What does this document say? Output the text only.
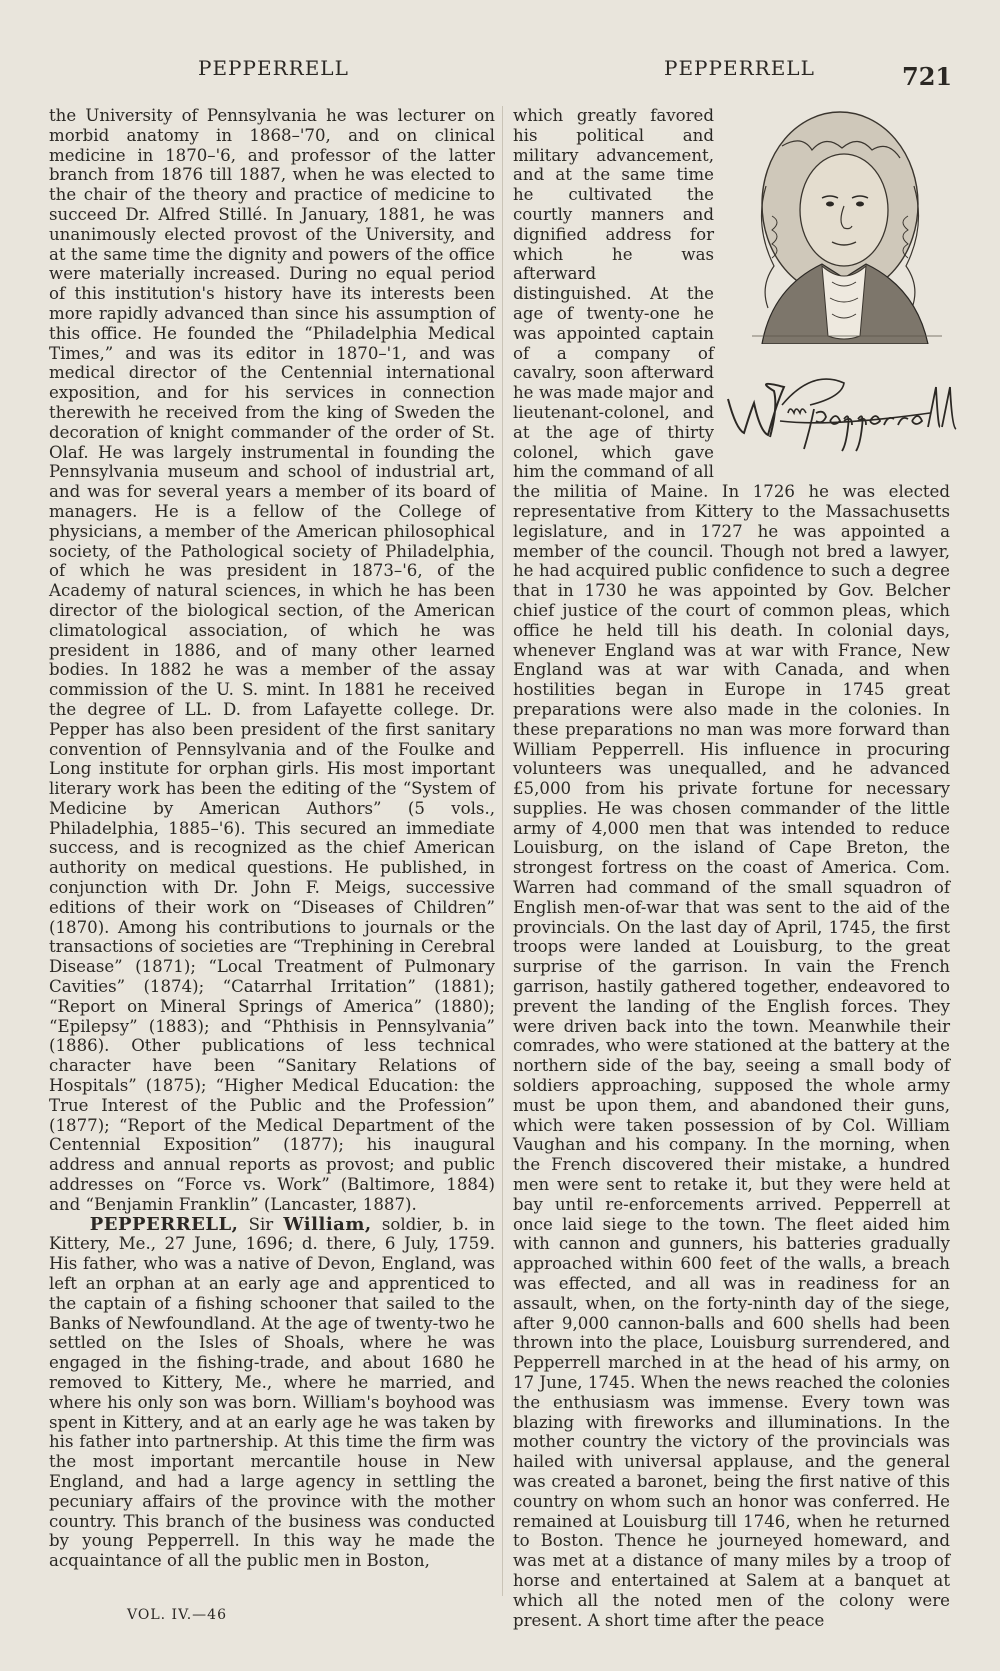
PEPPERRELL	PEPPERRELL	721

the University of Pennsylvania he was lecturer on morbid anatomy in 1868–'70, and on clinical medicine in 1870–'6, and professor of the latter branch from 1876 till 1887, when he was elected to the chair of the theory and practice of medicine to succeed Dr. Alfred Stillé. In January, 1881, he was unanimously elected provost of the University, and at the same time the dignity and powers of the office were materially increased. During no equal period of this institution's history have its interests been more rapidly advanced than since his assumption of this office. He founded the “Philadelphia Medical Times,” and was its editor in 1870–'1, and was medical director of the Centennial international exposition, and for his services in connection therewith he received from the king of Sweden the decoration of knight commander of the order of St. Olaf. He was largely instrumental in founding the Pennsylvania museum and school of industrial art, and was for several years a member of its board of managers. He is a fellow of the College of physicians, a member of the American philosophical society, of the Pathological society of Philadelphia, of which he was president in 1873–'6, of the Academy of natural sciences, in which he has been director of the biological section, of the American climatological association, of which he was president in 1886, and of many other learned bodies. In 1882 he was a member of the assay commission of the U. S. mint. In 1881 he received the degree of LL. D. from Lafayette college. Dr. Pepper has also been president of the first sanitary convention of Pennsylvania and of the Foulke and Long institute for orphan girls. His most important literary work has been the editing of the “System of Medicine by American Authors” (5 vols., Philadelphia, 1885–'6). This secured an immediate success, and is recognized as the chief American authority on medical questions. He published, in conjunction with Dr. John F. Meigs, successive editions of their work on “Diseases of Children” (1870). Among his contributions to journals or the transactions of societies are “Trephining in Cerebral Disease” (1871); “Local Treatment of Pulmonary Cavities” (1874); “Catarrhal Irritation” (1881); “Report on Mineral Springs of America” (1880); “Epilepsy” (1883); and “Phthisis in Pennsylvania” (1886). Other publications of less technical character have been “Sanitary Relations of Hospitals” (1875); “Higher Medical Education: the True Interest of the Public and the Profession” (1877); “Report of the Medical Department of the Centennial Exposition” (1877); his inaugural address and annual reports as provost; and public addresses on “Force vs. Work” (Baltimore, 1884) and “Benjamin Franklin” (Lancaster, 1887).

PEPPERRELL, Sir William, soldier, b. in Kittery, Me., 27 June, 1696; d. there, 6 July, 1759. His father, who was a native of Devon, England, was left an orphan at an early age and apprenticed to the captain of a fishing schooner that sailed to the Banks of Newfoundland. At the age of twenty-two he settled on the Isles of Shoals, where he was engaged in the fishing-trade, and about 1680 he removed to Kittery, Me., where he married, and where his only son was born. William's boyhood was spent in Kittery, and at an early age he was taken by his father into partnership. At this time the firm was the most important mercantile house in New England, and had a large agency in settling the pecuniary affairs of the province with the mother country. This branch of the business was conducted by young Pepperrell. In this way he made the acquaintance of all the public men in Boston,

which greatly favored his political and military advancement, and at the same time he cultivated the courtly manners and dignified address for which he was afterward distinguished. At the age of twenty-one he was appointed captain of a company of cavalry, soon afterward he was made major and lieutenant-colonel, and at the age of thirty colonel, which gave him the command of all the militia of Maine. In 1726 he was elected representative from Kittery to the Massachusetts legislature, and in 1727 he was appointed a member of the council. Though not bred a lawyer, he had acquired public confidence to such a degree that in 1730 he was appointed by Gov. Belcher chief justice of the court of common pleas, which office he held till his death. In colonial days, whenever England was at war with France, New England was at war with Canada, and when hostilities began in Europe in 1745 great preparations were also made in the colonies. In these preparations no man was more forward than William Pepperrell. His influence in procuring volunteers was unequalled, and he advanced £5,000 from his private fortune for necessary supplies. He was chosen commander of the little army of 4,000 men that was intended to reduce Louisburg, on the island of Cape Breton, the strongest fortress on the coast of America. Com. Warren had command of the small squadron of English men-of-war that was sent to the aid of the provincials. On the last day of April, 1745, the first troops were landed at Louisburg, to the great surprise of the garrison. In vain the French garrison, hastily gathered together, endeavored to prevent the landing of the English forces. They were driven back into the town. Meanwhile their comrades, who were stationed at the battery at the northern side of the bay, seeing a small body of soldiers approaching, supposed the whole army must be upon them, and abandoned their guns, which were taken possession of by Col. William Vaughan and his company. In the morning, when the French discovered their mistake, a hundred men were sent to retake it, but they were held at bay until re-enforcements arrived. Pepperrell at once laid siege to the town. The fleet aided him with cannon and gunners, his batteries gradually approached within 600 feet of the walls, a breach was effected, and all was in readiness for an assault, when, on the forty-ninth day of the siege, after 9,000 cannon-balls and 600 shells had been thrown into the place, Louisburg surrendered, and Pepperrell marched in at the head of his army, on 17 June, 1745. When the news reached the colonies the enthusiasm was immense. Every town was blazing with fireworks and illuminations. In the mother country the victory of the provincials was hailed with universal applause, and the general was created a baronet, being the first native of this country on whom such an honor was conferred. He remained at Louisburg till 1746, when he returned to Boston. Thence he journeyed homeward, and was met at a distance of many miles by a troop of horse and entertained at Salem at a banquet at which all the noted men of the colony were present. A short time after the peace

VOL. IV.—46
